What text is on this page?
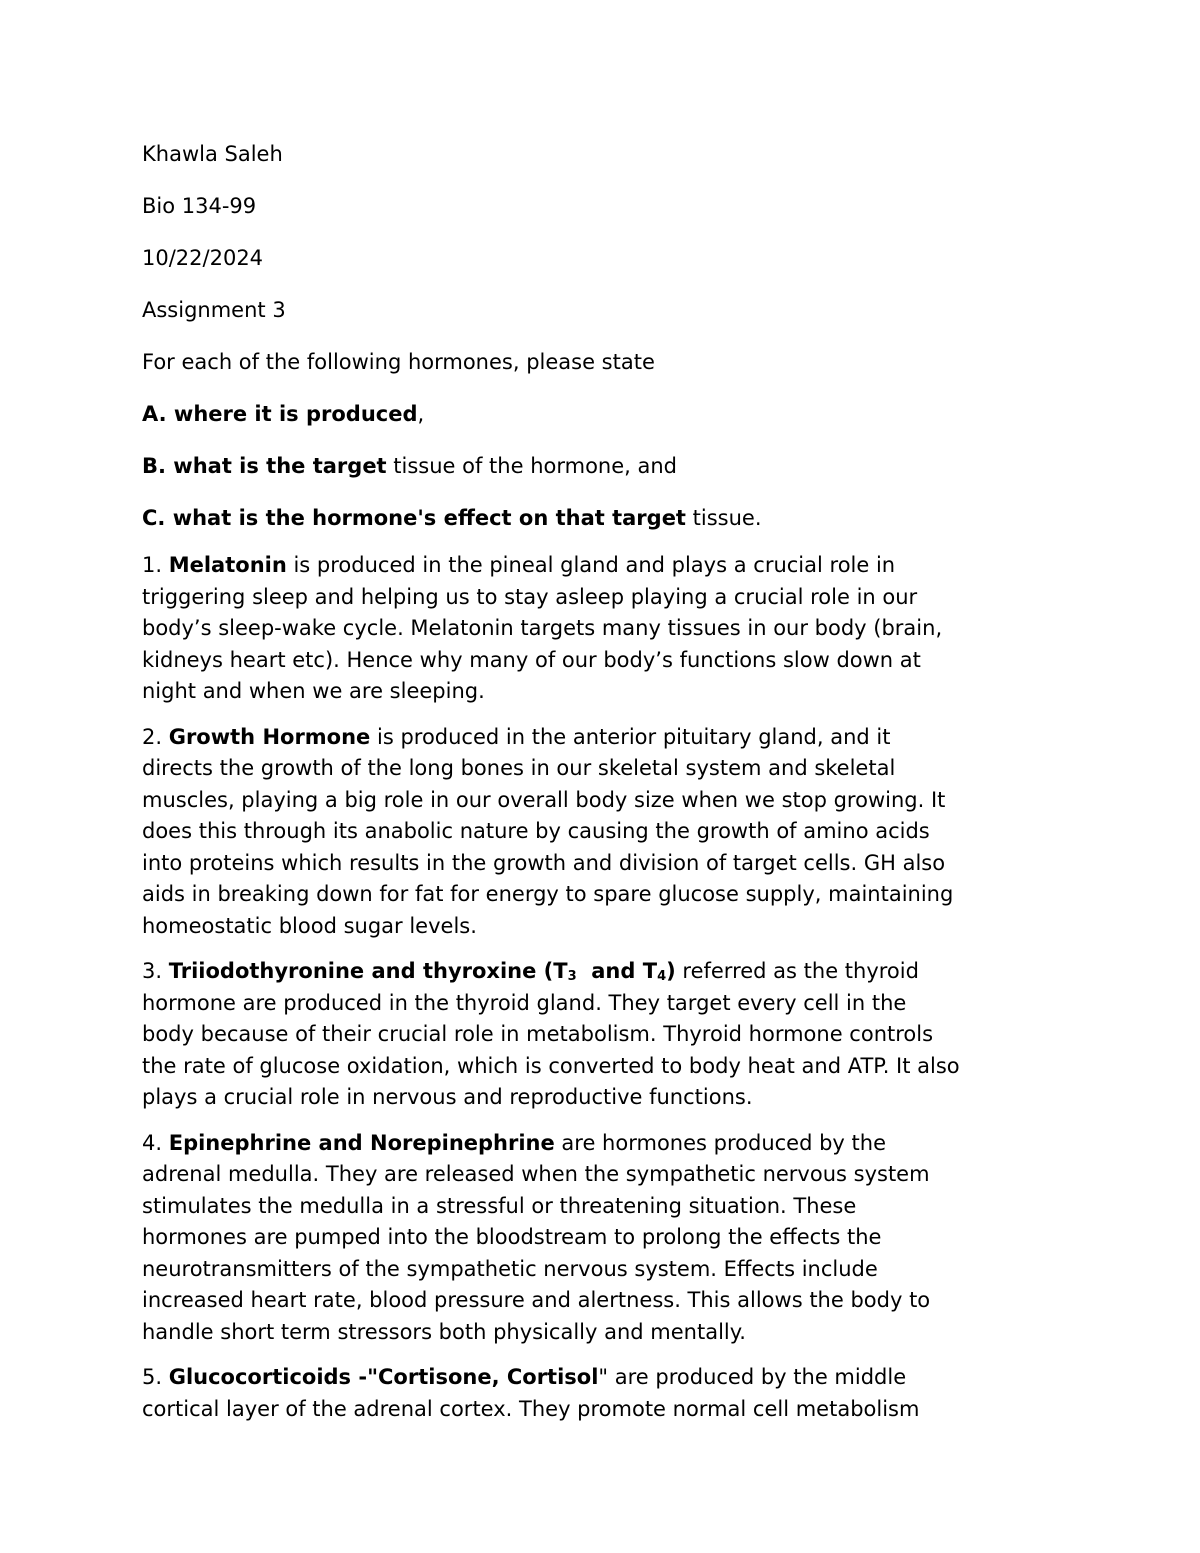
Khawla Saleh

Bio 134-99

10/22/2024

Assignment 3

For each of the following hormones, please state

A. where it is produced,

B. what is the target tissue of the hormone, and

C. what is the hormone's effect on that target tissue.

1. Melatonin is produced in the pineal gland and plays a crucial role in
triggering sleep and helping us to stay asleep playing a crucial role in our
body’s sleep-wake cycle. Melatonin targets many tissues in our body (brain,
kidneys heart etc). Hence why many of our body’s functions slow down at
night and when we are sleeping.
2. Growth Hormone is produced in the anterior pituitary gland, and it
directs the growth of the long bones in our skeletal system and skeletal
muscles, playing a big role in our overall body size when we stop growing. It
does this through its anabolic nature by causing the growth of amino acids
into proteins which results in the growth and division of target cells. GH also
aids in breaking down for fat for energy to spare glucose supply, maintaining
homeostatic blood sugar levels.
3. Triiodothyronine and thyroxine ($T_3$  and $T_4$) referred as the thyroid
hormone are produced in the thyroid gland. They target every cell in the
body because of their crucial role in metabolism. Thyroid hormone controls
the rate of glucose oxidation, which is converted to body heat and ATP. It also
plays a crucial role in nervous and reproductive functions.
4. Epinephrine and Norepinephrine are hormones produced by the
adrenal medulla. They are released when the sympathetic nervous system
stimulates the medulla in a stressful or threatening situation. These
hormones are pumped into the bloodstream to prolong the effects the
neurotransmitters of the sympathetic nervous system. Effects include
increased heart rate, blood pressure and alertness. This allows the body to
handle short term stressors both physically and mentally.
5. Glucocorticoids -"Cortisone, Cortisol" are produced by the middle
cortical layer of the adrenal cortex. They promote normal cell metabolism
